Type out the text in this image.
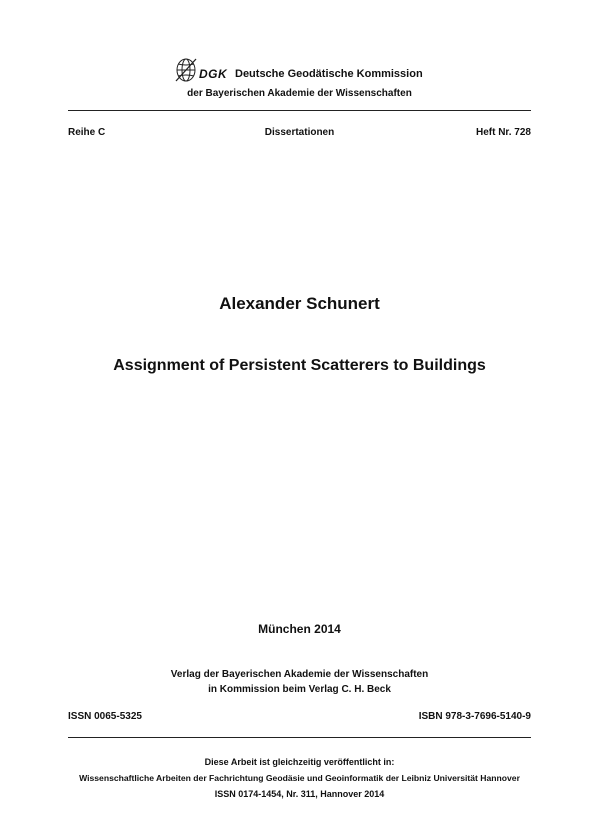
DGK Deutsche Geodätische Kommission
der Bayerischen Akademie der Wissenschaften
Reihe C	Dissertationen	Heft Nr. 728
Alexander Schunert
Assignment of Persistent Scatterers to Buildings
München 2014
Verlag der Bayerischen Akademie der Wissenschaften
in Kommission beim Verlag C. H. Beck
ISSN 0065-5325	ISBN 978-3-7696-5140-9
Diese Arbeit ist gleichzeitig veröffentlicht in:
Wissenschaftliche Arbeiten der Fachrichtung Geodäsie und Geoinformatik der Leibniz Universität Hannover
ISSN 0174-1454, Nr. 311, Hannover 2014
